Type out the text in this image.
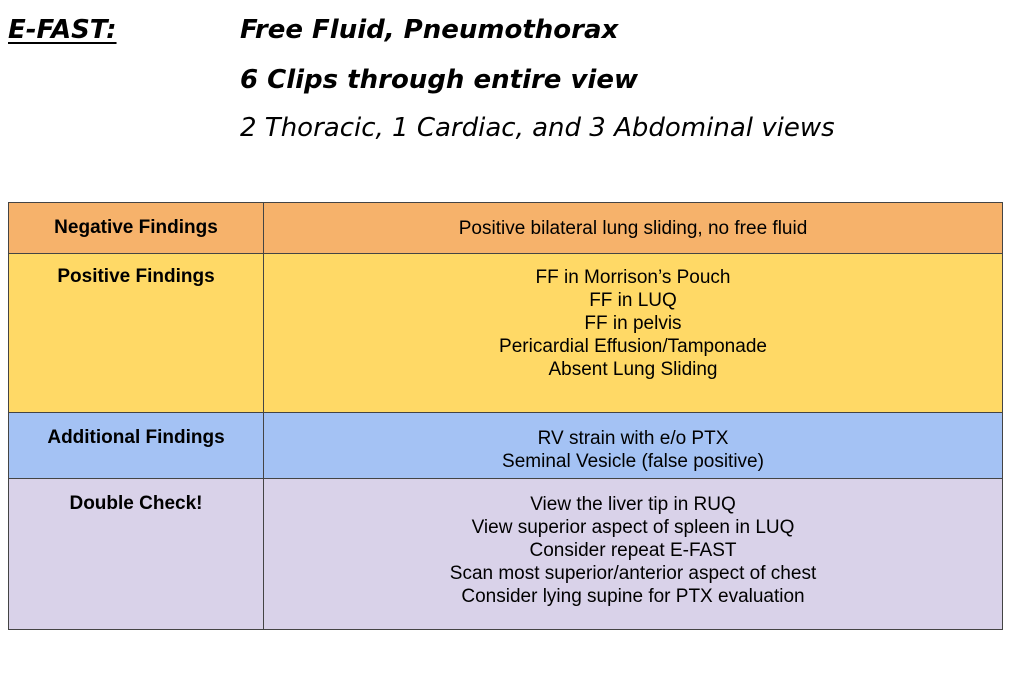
E-FAST:	Free Fluid, Pneumothorax
6 Clips through entire view
2 Thoracic, 1 Cardiac, and 3 Abdominal views
Negative Findings	Positive bilateral lung sliding, no free fluid

Positive Findings	FF in Morrison’s Pouch
FF in LUQ
FF in pelvis
Pericardial Effusion/Tamponade
Absent Lung Sliding

Additional Findings	RV strain with e/o PTX
Seminal Vesicle (false positive)

Double Check!	View the liver tip in RUQ
View superior aspect of spleen in LUQ
Consider repeat E-FAST
Scan most superior/anterior aspect of chest
Consider lying supine for PTX evaluation
